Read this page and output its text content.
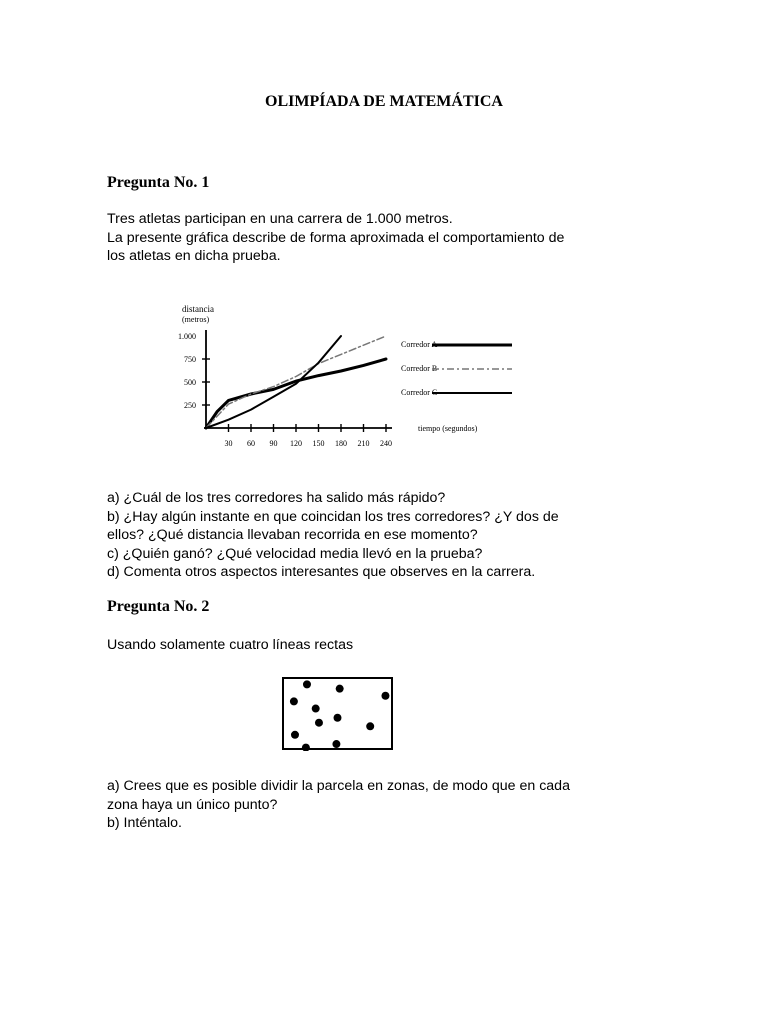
OLIMPÍADA DE MATEMÁTICA
Pregunta No. 1
Tres atletas participan en una carrera de 1.000 metros.
La presente gráfica describe de forma aproximada el comportamiento de
los atletas en dicha prueba.
distancia
(metros)
250
500
750
1.000
30 60 90 120 150 180 210 240
tiempo (segundos)
Corredor A
Corredor B
Corredor C
a) ¿Cuál de los tres corredores ha salido más rápido?
b) ¿Hay algún instante en que coincidan los tres corredores? ¿Y dos de
ellos? ¿Qué distancia llevaban recorrida en ese momento?
c) ¿Quién ganó? ¿Qué velocidad media llevó en la prueba?
d) Comenta otros aspectos interesantes que observes en la carrera.
Pregunta No. 2
Usando solamente cuatro líneas rectas
a) Crees que es posible dividir la parcela en zonas, de modo que en cada
zona haya un único punto?
b) Inténtalo.
